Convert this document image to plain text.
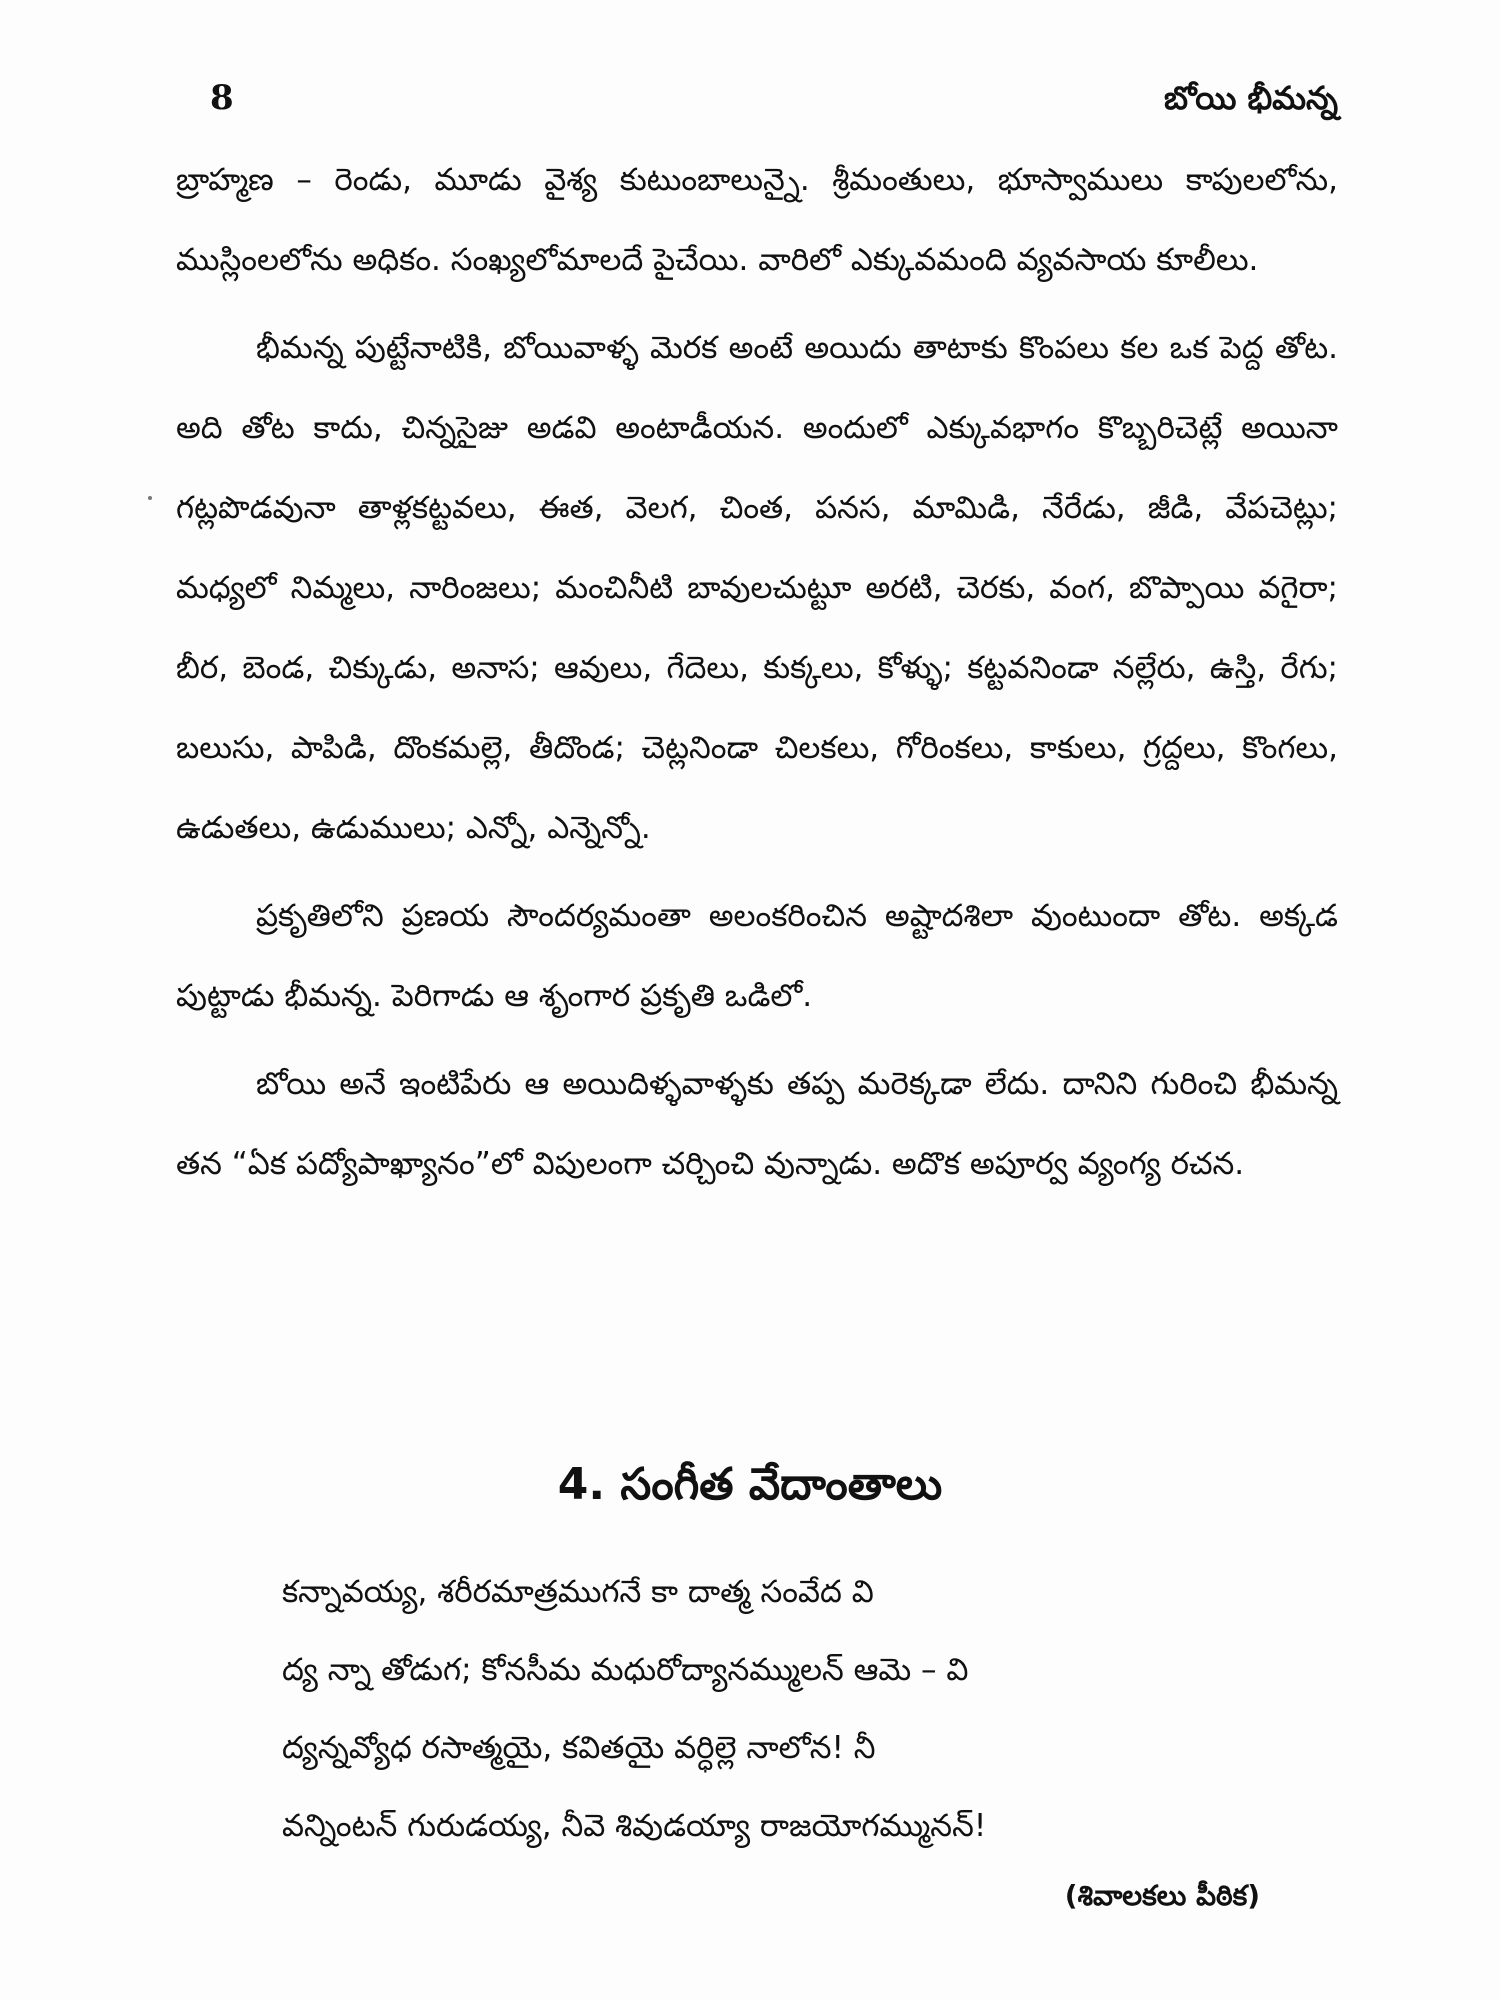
8	బోయి భీమన్న

బ్రాహ్మణ – రెండు, మూడు వైశ్య కుటుంబాలున్నై. శ్రీమంతులు, భూస్వాములు కాపులలోను, ముస్లింలలోను అధికం. సంఖ్యలోమాలదే పైచేయి. వారిలో ఎక్కువమంది వ్యవసాయ కూలీలు.

భీమన్న పుట్టేనాటికి, బోయివాళ్ళ మెరక అంటే అయిదు తాటాకు కొంపలు కల ఒక పెద్ద తోట. అది తోట కాదు, చిన్నసైజు అడవి అంటాడీయన. అందులో ఎక్కువభాగం కొబ్బరిచెట్లే అయినా గట్లపొడవునా తాళ్లకట్టవలు, ఈత, వెలగ, చింత, పనస, మామిడి, నేరేడు, జీడి, వేపచెట్లు; మధ్యలో నిమ్మలు, నారింజలు; మంచినీటి బావులచుట్టూ అరటి, చెరకు, వంగ, బొప్పాయి వగైరా; బీర, బెండ, చిక్కుడు, అనాస; ఆవులు, గేదెలు, కుక్కలు, కోళ్ళు; కట్టవనిండా నల్లేరు, ఉస్తి, రేగు; బలుసు, పాపిడి, దొంకమల్లె, తీదొండ; చెట్లనిండా చిలకలు, గోరింకలు, కాకులు, గ్రద్దలు, కొంగలు, ఉడుతలు, ఉడుములు; ఎన్నో, ఎన్నెన్నో.

ప్రకృతిలోని ప్రణయ సౌందర్యమంతా అలంకరించిన అష్టాదశిలా వుంటుందా తోట. అక్కడ పుట్టాడు భీమన్న. పెరిగాడు ఆ శృంగార ప్రకృతి ఒడిలో.

బోయి అనే ఇంటిపేరు ఆ అయిదిళ్ళవాళ్ళకు తప్ప మరెక్కడా లేదు. దానిని గురించి భీమన్న తన “ఏక పద్యోపాఖ్యానం”లో విపులంగా చర్చించి వున్నాడు. అదొక అపూర్వ వ్యంగ్య రచన.

4. సంగీత వేదాంతాలు
కన్నావయ్య, శరీరమాత్రముగనే కా దాత్మ సంవేద వి
ద్య న్నా తోడుగ; కోనసీమ మధురోద్యానమ్ములన్ ఆమె – వి
ద్యన్నవ్యోధ రసాత్మయై, కవితయై వర్ధిల్లె నాలోన! నీ
వన్నింటన్ గురుడయ్య, నీవె శివుడయ్యా రాజయోగమ్మునన్!
(శివాలకలు పీఠిక)
